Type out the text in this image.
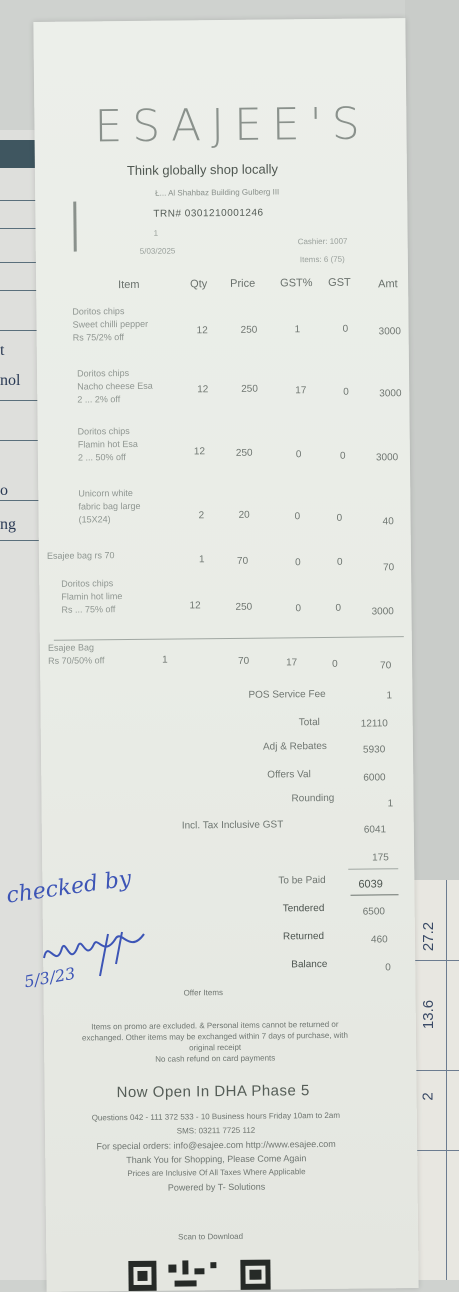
t
nol
o
ng
27.2
13.6
2
ESAJEE'S
Think globally shop locally
Ł... Al Shahbaz Building Gulberg III
TRN# 0301210001246
1
Cashier: 1007
5/03/2025
Items: 6 (75)
Item	Qty Price GST% GST Amt
Doritos chips
Sweet chilli pepper
Rs 75/2% off
12	250	1	0	3000
Doritos chips
Nacho cheese Esa
2 ... 2% off
12	250	17	0	3000
Doritos chips
Flamin hot Esa
2 ... 50% off	12	250	0	0	3000
Unicorn white
fabric bag large
(15X24)	2	20	0	0	40
Esajee bag rs 70	1	70	0	0	70
Doritos chips
Flamin hot lime
Rs ... 75% off	12	250	0	0	3000
Esajee Bag
Rs 70/50% off	1	70	17	0	70
POS Service Fee	1
Total	12110
Adj & Rebates	5930
Offers Val	6000
Rounding	1
Incl. Tax Inclusive GST	6041
175
To be Paid	6039
Tendered	6500
Returned	460
Balance	0
Offer Items
Items on promo are excluded. & Personal items cannot be returned or
exchanged. Other items may be exchanged within 7 days of purchase, with
original receipt
No cash refund on card payments
Now Open In DHA Phase 5
Questions 042 - 111 372 533 - 10 Business hours Friday 10am to 2am
SMS: 03211 7725 112
For special orders: info@esajee.com http://www.esajee.com
Thank You for Shopping, Please Come Again
Prices are Inclusive Of All Taxes Where Applicable
Powered by T- Solutions
Scan to Download
checked by
5/3/23
